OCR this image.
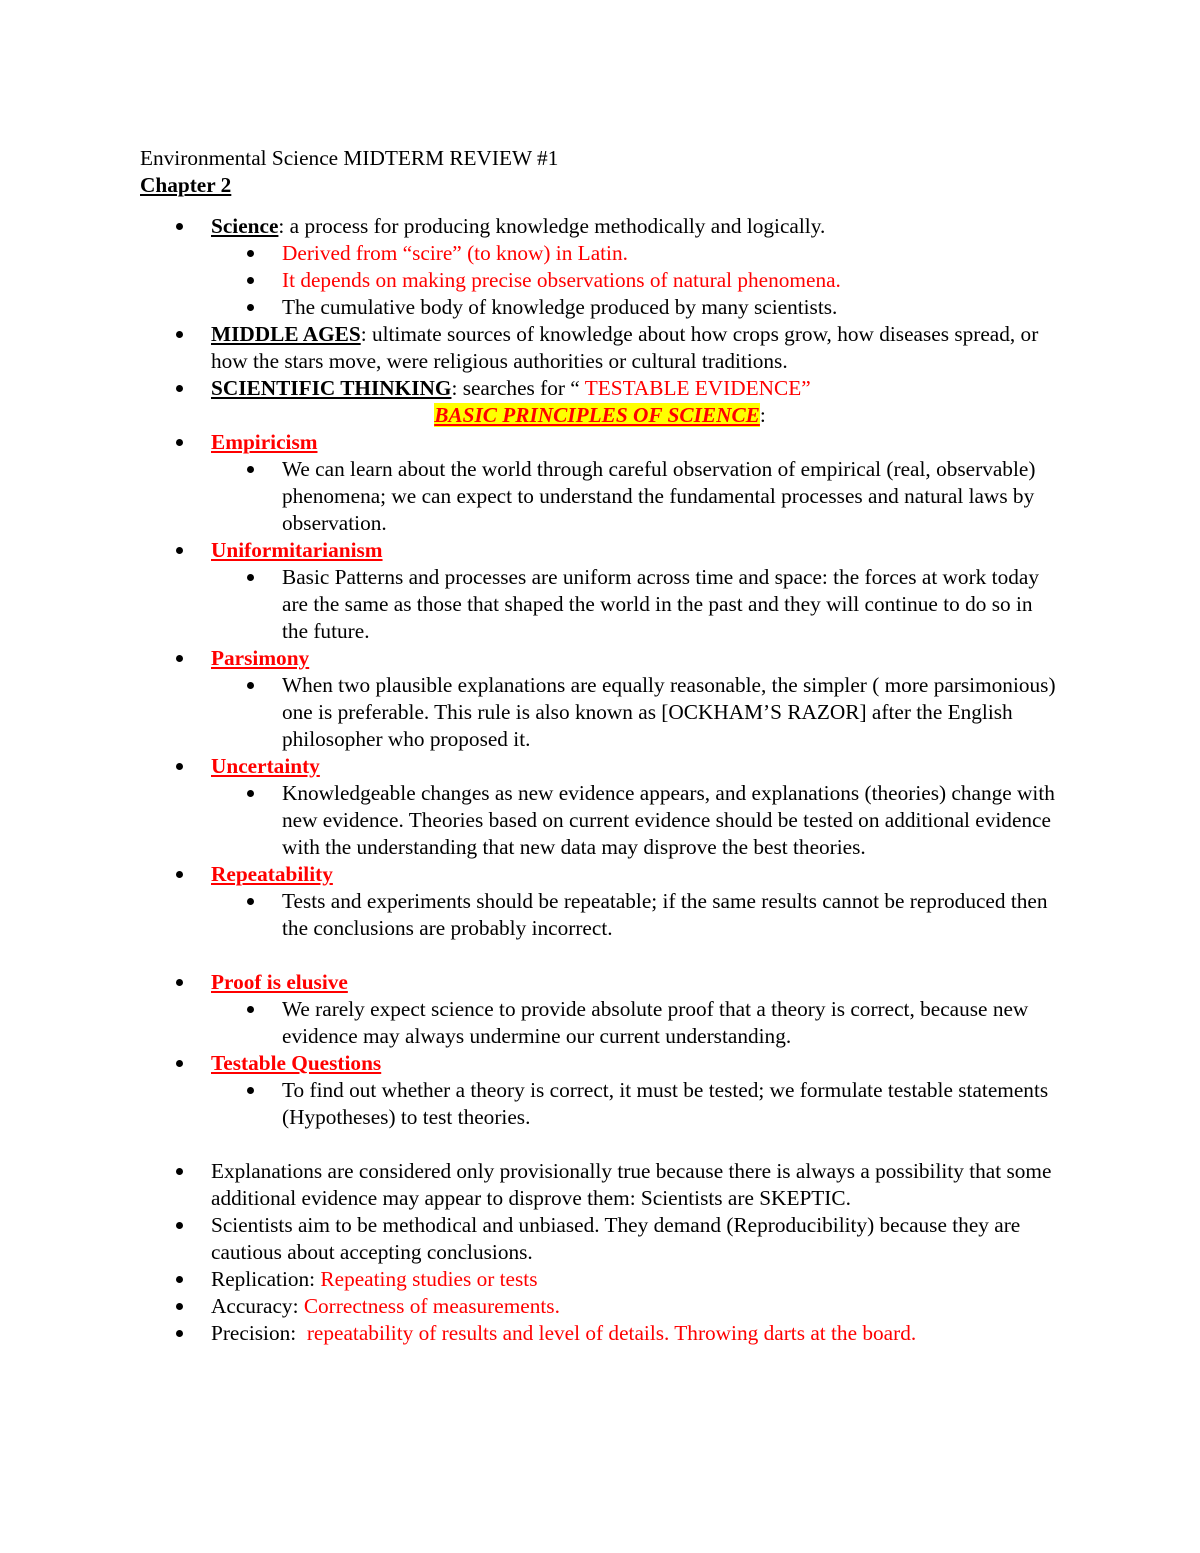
Environmental Science MIDTERM REVIEW #1
Chapter 2
Science: a process for producing knowledge methodically and logically.
Derived from “scire” (to know) in Latin.
It depends on making precise observations of natural phenomena.
The cumulative body of knowledge produced by many scientists.
MIDDLE AGES: ultimate sources of knowledge about how crops grow, how diseases spread, or how the stars move, were religious authorities or cultural traditions.
SCIENTIFIC THINKING: searches for “ TESTABLE EVIDENCE”
BASIC PRINCIPLES OF SCIENCE:
Empiricism
We can learn about the world through careful observation of empirical (real, observable) phenomena; we can expect to understand the fundamental processes and natural laws by observation.
Uniformitarianism
Basic Patterns and processes are uniform across time and space: the forces at work today are the same as those that shaped the world in the past and they will continue to do so in the future.
Parsimony
When two plausible explanations are equally reasonable, the simpler ( more parsimonious) one is preferable. This rule is also known as [OCKHAM’S RAZOR] after the English philosopher who proposed it.
Uncertainty
Knowledgeable changes as new evidence appears, and explanations (theories) change with new evidence. Theories based on current evidence should be tested on additional evidence with the understanding that new data may disprove the best theories.
Repeatability
Tests and experiments should be repeatable; if the same results cannot be reproduced then the conclusions are probably incorrect.
Proof is elusive
We rarely expect science to provide absolute proof that a theory is correct, because new evidence may always undermine our current understanding.
Testable Questions
To find out whether a theory is correct, it must be tested; we formulate testable statements (Hypotheses) to test theories.
Explanations are considered only provisionally true because there is always a possibility that some additional evidence may appear to disprove them: Scientists are SKEPTIC.
Scientists aim to be methodical and unbiased. They demand (Reproducibility) because they are cautious about accepting conclusions.
Replication: Repeating studies or tests
Accuracy: Correctness of measurements.
Precision:  repeatability of results and level of details. Throwing darts at the board.
